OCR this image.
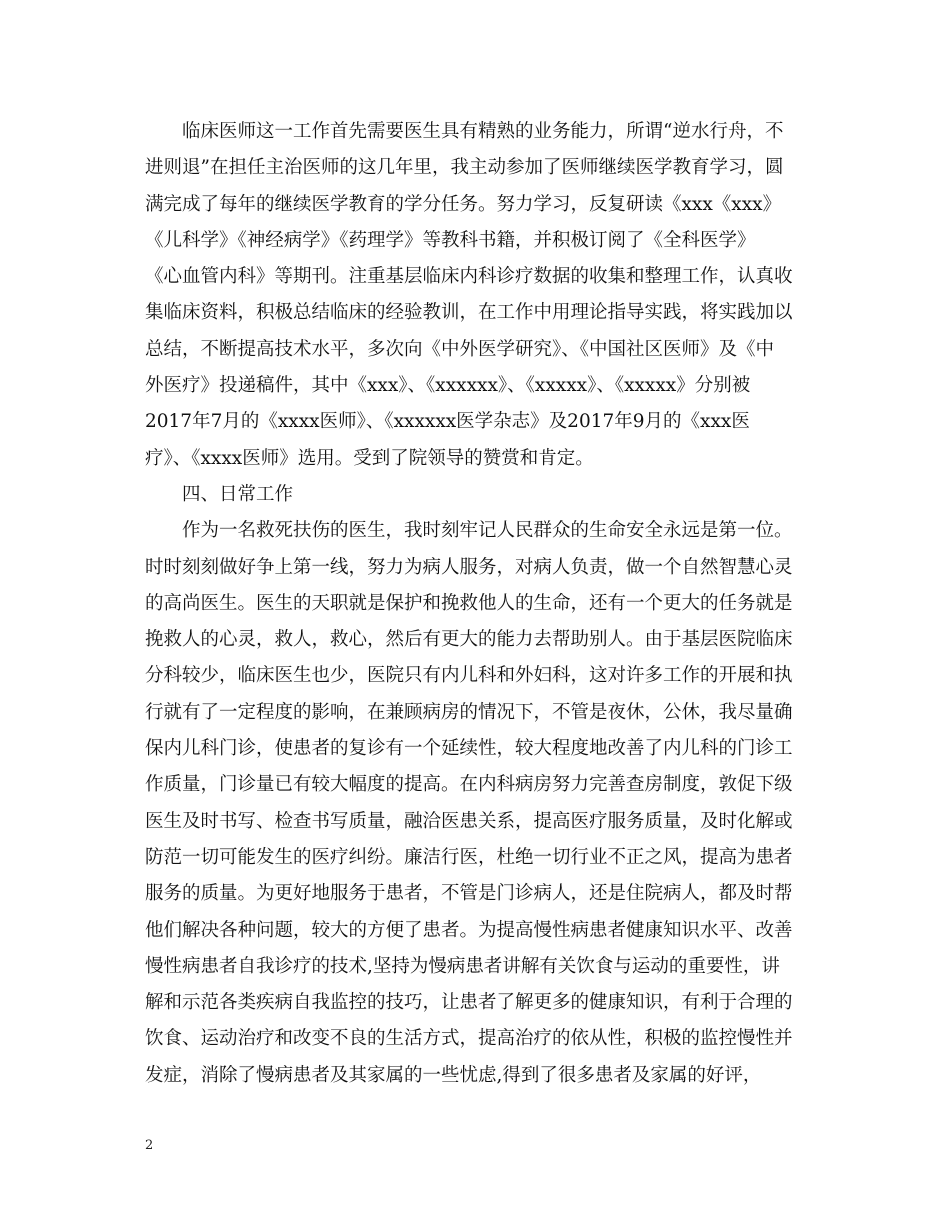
临床医师这一工作首先需要医生具有精熟的业务能力，所谓“逆水行舟，不
进则退”在担任主治医师的这几年里，我主动参加了医师继续医学教育学习，圆
满完成了每年的继续医学教育的学分任务。努力学习，反复研读《xxx《xxx》
《儿科学》《神经病学》《药理学》等教科书籍，并积极订阅了《全科医学》
《心血管内科》等期刊。注重基层临床内科诊疗数据的收集和整理工作，认真收
集临床资料，积极总结临床的经验教训，在工作中用理论指导实践，将实践加以
总结，不断提高技术水平，多次向《中外医学研究》、《中国社区医师》及《中
外医疗》投递稿件，其中《xxx》、《xxxxxx》、《xxxxx》、《xxxxx》分别被
2017年7月的《xxxx医师》、《xxxxxx医学杂志》及2017年9月的《xxx医
疗》、《xxxx医师》选用。受到了院领导的赞赏和肯定。
四、日常工作
作为一名救死扶伤的医生，我时刻牢记人民群众的生命安全永远是第一位。
时时刻刻做好争上第一线，努力为病人服务，对病人负责，做一个自然智慧心灵
的高尚医生。医生的天职就是保护和挽救他人的生命，还有一个更大的任务就是
挽救人的心灵，救人，救心，然后有更大的能力去帮助别人。由于基层医院临床
分科较少，临床医生也少，医院只有内儿科和外妇科，这对许多工作的开展和执
行就有了一定程度的影响，在兼顾病房的情况下，不管是夜休，公休，我尽量确
保内儿科门诊，使患者的复诊有一个延续性，较大程度地改善了内儿科的门诊工
作质量，门诊量已有较大幅度的提高。在内科病房努力完善查房制度，敦促下级
医生及时书写、检查书写质量，融洽医患关系，提高医疗服务质量，及时化解或
防范一切可能发生的医疗纠纷。廉洁行医，杜绝一切行业不正之风，提高为患者
服务的质量。为更好地服务于患者，不管是门诊病人，还是住院病人，都及时帮
他们解决各种问题，较大的方便了患者。为提高慢性病患者健康知识水平、改善
慢性病患者自我诊疗的技术,坚持为慢病患者讲解有关饮食与运动的重要性，讲
解和示范各类疾病自我监控的技巧，让患者了解更多的健康知识，有利于合理的
饮食、运动治疗和改变不良的生活方式，提高治疗的依从性，积极的监控慢性并
发症，消除了慢病患者及其家属的一些忧虑,得到了很多患者及家属的好评，
2
